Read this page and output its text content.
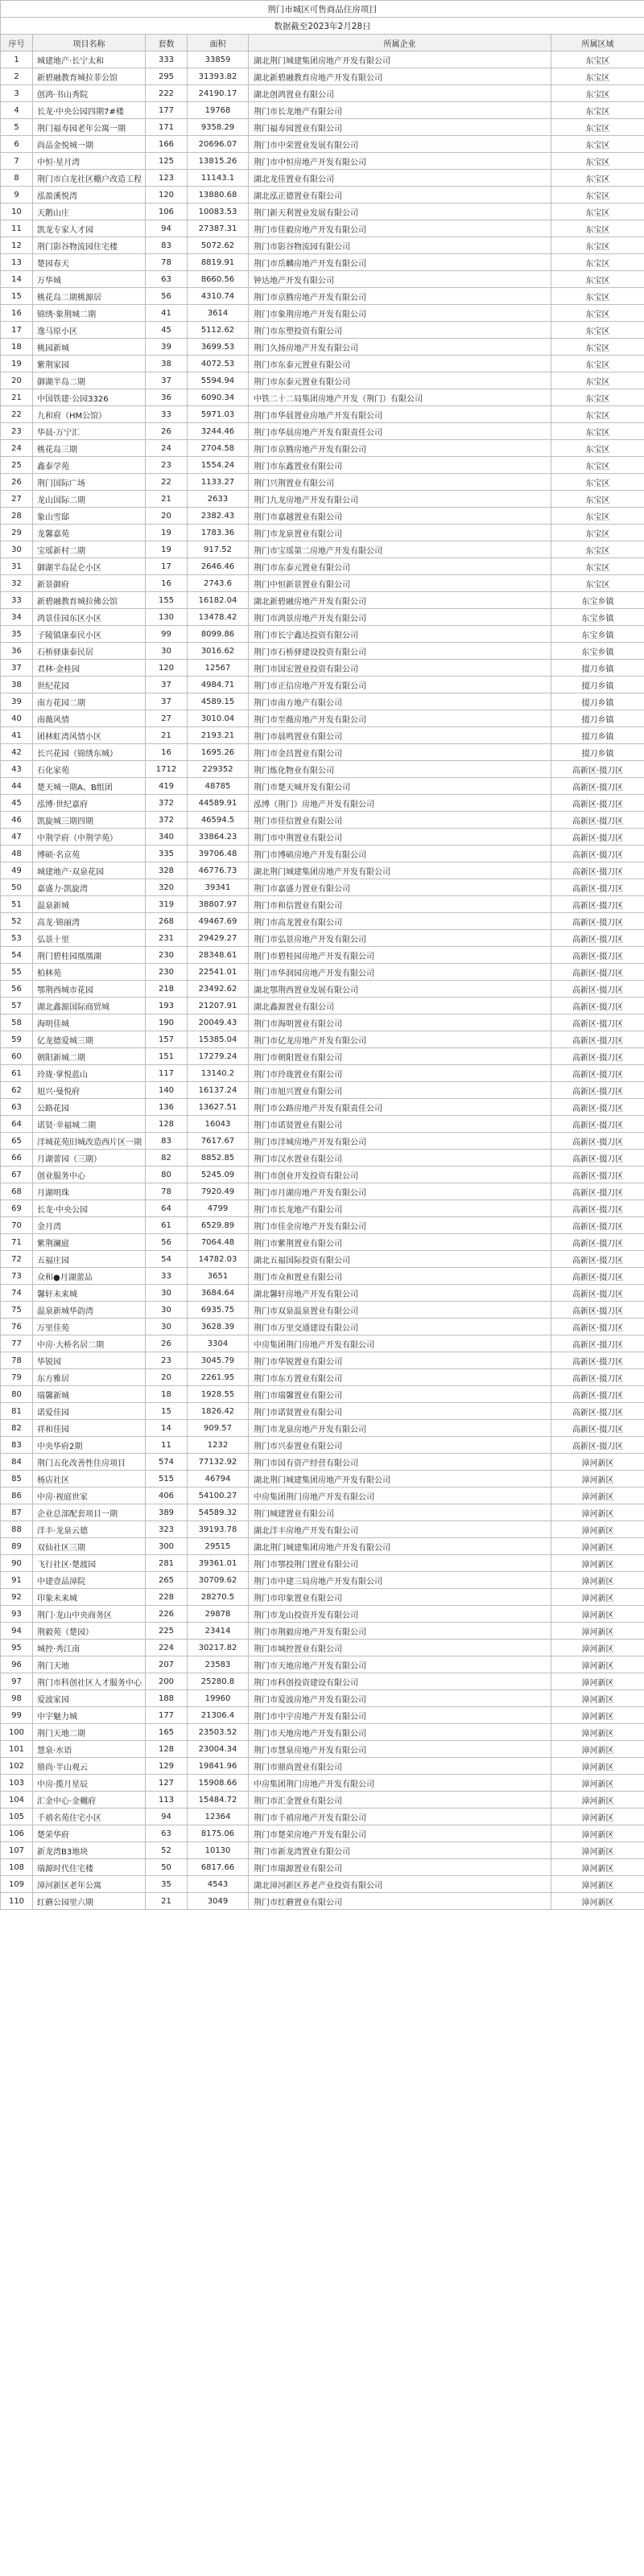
荆门市城区可售商品住房项目					
数据截至2023年2月28日					
序号	项目名称	套数	面积	所属企业	所属区域
1	城建地产·长宁太和	333	33859	湖北荆门城建集团房地产开发有限公司	东宝区
2	新碧融教育城拉菲公馆	295	31393.82	湖北新碧融教育房地产开发有限公司	东宝区
3	创鸿·书山秀院	222	24190.17	湖北创鸿置业有限公司	东宝区
4	长龙·中央公园四期7#楼	177	19768	荆门市长龙地产有限公司	东宝区
5	荆门福寿园老年公寓一期	171	9358.29	荆门福寿园置业有限公司	东宝区
6	尚品金悦城一期	166	20696.07	荆门市中荣置业发展有限公司	东宝区
7	中恒·星月湾	125	13815.26	荆门市中恒房地产开发有限公司	东宝区
8	荆门市白龙社区棚户改造工程	123	11143.1	湖北龙佳置业有限公司	东宝区
9	泓盈溪悦湾	120	13880.68	湖北泓正德置业有限公司	东宝区
10	天鹅山庄	106	10083.53	荆门新天利置业发展有限公司	东宝区
11	凯龙专家人才园	94	27387.31	荆门市佳毅房地产开发有限公司	东宝区
12	荆门影谷物流园住宅楼	83	5072.62	荆门市影谷物流园有限公司	东宝区
13	楚园春天	78	8819.91	荆门市岳麟房地产开发有限公司	东宝区
14	万华城	63	8660.56	钟达地产开发有限公司	东宝区
15	桃花岛二期桃源居	56	4310.74	荆门市京腾房地产开发有限公司	东宝区
16	锦绣·象荆城二期	41	3614	荆门市象荆房地产开发有限公司	东宝区
17	逸马原小区	45	5112.62	荆门市东塑投资有限公司	东宝区
18	桃园新城	39	3699.53	荆门久扬房地产开发有限公司	东宝区
19	紫荆家园	38	4072.53	荆门市东泰元置业有限公司	东宝区
20	御湖半岛二期	37	5594.94	荆门市东泰元置业有限公司	东宝区
21	中国铁建·公园3326	36	6090.34	中铁二十二局集团房地产开发（荆门）有限公司	东宝区
22	九和府（HM公馆）	33	5971.03	荆门市华晨置业房地产开发有限公司	东宝区
23	华晨·万宁汇	26	3244.46	荆门市华晨房地产开发有限责任公司	东宝区
24	桃花岛三期	24	2704.58	荆门市京腾房地产开发有限公司	东宝区
25	鑫泰学苑	23	1554.24	荆门市东鑫置业有限公司	东宝区
26	荆门国际广场	22	1133.27	荆门兴荆置业有限公司	东宝区
27	龙山国际二期	21	2633	荆门九龙房地产开发有限公司	东宝区
28	象山雪邸	20	2382.43	荆门市嘉越置业有限公司	东宝区
29	龙馨嘉苑	19	1783.36	荆门市龙泉置业有限公司	东宝区
30	宝瑶新村二期	19	917.52	荆门市宝瑶第二房地产开发有限公司	东宝区
31	御湖半岛昆仑小区	17	2646.46	荆门市东泰元置业有限公司	东宝区
32	新景御府	16	2743.6	荆门中恒新景置业有限公司	东宝区
33	新碧融教育城拉佛公馆	155	16182.04	湖北新碧融房地产开发有限公司	东宝乡镇
34	鸿景佳园东区小区	130	13478.42	荆门市鸿景房地产开发有限公司	东宝乡镇
35	子陵镇康泰民小区	99	8099.86	荆门市长宁鑫达投资有限公司	东宝乡镇
36	石桥驿康泰民居	30	3016.62	荆门市石桥驿建设投资有限公司	东宝乡镇
37	君林·金桂园	120	12567	荆门市国宏置业投资有限公司	掇刀乡镇
38	世纪花园	37	4984.71	荆门市正信房地产开发有限公司	掇刀乡镇
39	南方花园二期	37	4589.15	荆门市南方地产有限公司	掇刀乡镇
40	南薇风情	27	3010.04	荆门市至薇房地产开发有限公司	掇刀乡镇
41	团林虹湾风情小区	21	2193.21	荆门市晨鸣置业有限公司	掇刀乡镇
42	长兴花园（锦绣东城）	16	1695.26	荆门市金昌置业有限公司	掇刀乡镇
43	石化家苑	1712	229352	荆门炼化物业有限公司	高新区·掇刀区
44	楚天城一期A、B组团	419	48785	荆门市楚天城开发有限公司	高新区·掇刀区
45	泓博·世纪嘉府	372	44589.91	泓博（荆门）房地产开发有限公司	高新区·掇刀区
46	凯旋城三期四期	372	46594.5	荆门市佳信置业有限公司	高新区·掇刀区
47	中荆学府（中荆学苑）	340	33864.23	荆门市中荆置业有限公司	高新区·掇刀区
48	博硕·名京苑	335	39706.48	荆门市博硕房地产开发有限公司	高新区·掇刀区
49	城建地产·双泉花园	328	46776.73	湖北荆门城建集团房地产开发有限公司	高新区·掇刀区
50	嘉盛力·凯旋湾	320	39341	荆门市嘉盛力置业有限公司	高新区·掇刀区
51	温泉新城	319	38807.97	荆门市和信置业有限公司	高新区·掇刀区
52	高龙·锦丽湾	268	49467.69	荆门市高龙置业有限公司	高新区·掇刀区
53	弘景十里	231	29429.27	荆门市弘景房地产开发有限公司	高新区·掇刀区
54	荆门碧桂园凰凰湖	230	28348.61	荆门市碧桂园房地产开发有限公司	高新区·掇刀区
55	柏林苑	230	22541.01	荆门市华润园房地产开发有限公司	高新区·掇刀区
56	鄂荆西城市花园	218	23492.62	湖北鄂荆西置业发展有限公司	高新区·掇刀区
57	湖北鑫源国际商贸城	193	21207.91	湖北鑫源置业有限公司	高新区·掇刀区
58	海明佳城	190	20049.43	荆门市海明置业有限公司	高新区·掇刀区
59	亿龙德爱城三期	157	15385.04	荆门市亿龙房地产开发有限公司	高新区·掇刀区
60	朝阳新城二期	151	17279.24	荆门市朝阳置业有限公司	高新区·掇刀区
61	玲珑·掌悦蓝山	117	13140.2	荆门市玲珑置业有限公司	高新区·掇刀区
62	旭兴·曼悦府	140	16137.24	荆门市旭兴置业有限公司	高新区·掇刀区
63	公路花园	136	13627.51	荆门市公路房地产开发有限责任公司	高新区·掇刀区
64	诺贤·幸福城二期	128	16043	荆门市诺贤置业有限公司	高新区·掇刀区
65	洋城花苑旧城改造西片区一期	83	7617.67	荆门市洋城房地产开发有限公司	高新区·掇刀区
66	月湖蕾园（三期）	82	8852.85	荆门市汉水置业有限公司	高新区·掇刀区
67	创业服务中心	80	5245.09	荆门市创业开发投资有限公司	高新区·掇刀区
68	月湖明珠	78	7920.49	荆门市月湖房地产开发有限公司	高新区·掇刀区
69	长龙·中央公园	64	4799	荆门市长龙地产有限公司	高新区·掇刀区
70	金月湾	61	6529.89	荆门市佳金房地产开发有限公司	高新区·掇刀区
71	紫荆澜庭	56	7064.48	荆门市紫荆置业有限公司	高新区·掇刀区
72	五福庄园	54	14782.03	湖北五福国际投资有限公司	高新区·掇刀区
73	众和●月湖蕾品	33	3651	荆门市众和置业有限公司	高新区·掇刀区
74	馨轩未来城	30	3684.64	湖北馨轩房地产开发有限公司	高新区·掇刀区
75	温泉新城华韵湾	30	6935.75	荆门市双泉温泉置业有限公司	高新区·掇刀区
76	万里佳苑	30	3628.39	荆门市万里交通建设有限公司	高新区·掇刀区
77	中房·大桥名居二期	26	3304	中房集团荆门房地产开发有限公司	高新区·掇刀区
78	华锐园	23	3045.79	荆门市华锐置业有限公司	高新区·掇刀区
79	东方雅居	20	2261.95	荆门市东方置业有限公司	高新区·掇刀区
80	瑞馨新城	18	1928.55	荆门市瑞馨置业有限公司	高新区·掇刀区
81	诺爱佳园	15	1826.42	荆门市诺贤置业有限公司	高新区·掇刀区
82	祥和佳园	14	909.57	荆门市龙泉房地产开发有限公司	高新区·掇刀区
83	中央华府2期	11	1232	荆门市兴泰置业有限公司	高新区·掇刀区
84	荆门五化改善性住房项目	574	77132.92	荆门市国有资产经营有限公司	漳河新区
85	杨店社区	515	46794	湖北荆门城建集团房地产开发有限公司	漳河新区
86	中房·视庭世家	406	54100.27	中房集团荆门房地产开发有限公司	漳河新区
87	企业总部配套项目一期	389	54589.32	荆门城建置业有限公司	漳河新区
88	洋丰·龙泉云德	323	39193.78	湖北洋丰房地产开发有限公司	漳河新区
89	双仙社区三期	300	29515	湖北荆门城建集团房地产开发有限公司	漳河新区
90	飞行社区·楚渡园	281	39361.01	荆门市鄂投荆门置业有限公司	漳河新区
91	中建壹品漳院	265	30709.62	荆门市中建三局房地产开发有限公司	漳河新区
92	印象未来城	228	28270.5	荆门市印象置业有限公司	漳河新区
93	荆门·龙山中央商务区	226	29878	荆门市龙山投资开发有限公司	漳河新区
94	荆毅苑（楚园）	225	23414	荆门市荆毅房地产开发有限公司	漳河新区
95	城控·秀江南	224	30217.82	荆门市城控置业有限公司	漳河新区
96	荆门天地	207	23583	荆门市天地房地产开发有限公司	漳河新区
97	荆门市科创社区人才服务中心	200	25280.8	荆门市科创投资建设有限公司	漳河新区
98	爱波家园	188	19960	荆门市爱波房地产开发有限公司	漳河新区
99	中宇魅力城	177	21306.4	荆门市中宇房地产开发有限公司	漳河新区
100	荆门天地二期	165	23503.52	荆门市天地房地产开发有限公司	漳河新区
101	慧泉·水语	128	23004.34	荆门市慧泉房地产开发有限公司	漳河新区
102	鼎尚·半山观云	129	19841.96	荆门市鼎尚置业有限公司	漳河新区
103	中房·揽月星辰	127	15908.66	中房集团荆门房地产开发有限公司	漳河新区
104	汇金中心·金樾府	113	15484.72	荆门市汇金置业有限公司	漳河新区
105	千禧名苑住宅小区	94	12364	荆门市千禧房地产开发有限公司	漳河新区
106	楚荣华府	63	8175.06	荆门市楚荣房地产开发有限公司	漳河新区
107	新龙湾B3地块	52	10130	荆门市新龙湾置业有限公司	漳河新区
108	瑞源时代住宅楼	50	6817.66	荆门市瑞源置业有限公司	漳河新区
109	漳河新区老年公寓	35	4543	湖北漳河新区养老产业投资有限公司	漳河新区
110	红蘑公园里六期	21	3049	荆门市红蘑置业有限公司	漳河新区
